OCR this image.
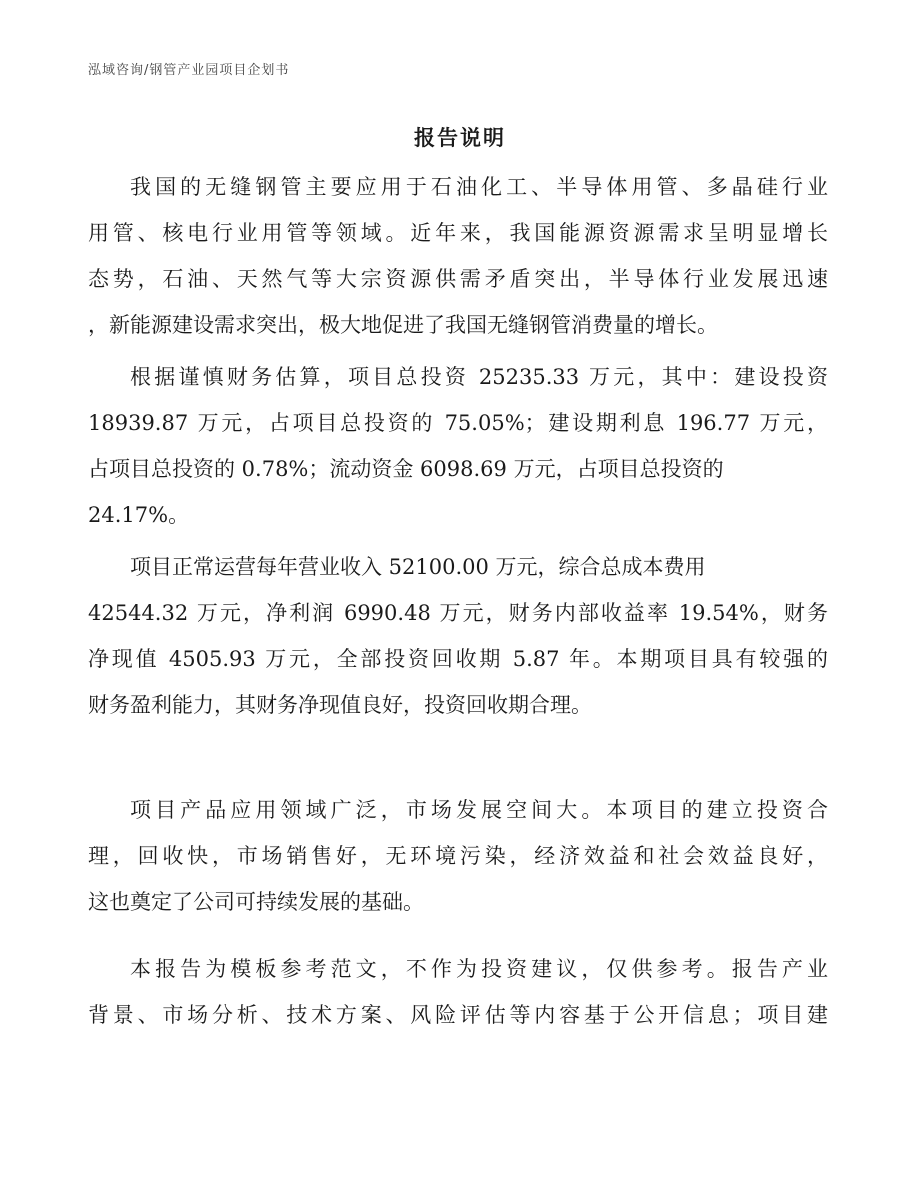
泓域咨询/钢管产业园项目企划书
报告说明
我国的无缝钢管主要应用于石油化工、半导体用管、多晶硅行业
用管、核电行业用管等领域。近年来，我国能源资源需求呈明显增长
态势，石油、天然气等大宗资源供需矛盾突出，半导体行业发展迅速
，新能源建设需求突出，极大地促进了我国无缝钢管消费量的增长。
根据谨慎财务估算，项目总投资 25235.33 万元，其中：建设投资
18939.87 万元，占项目总投资的 75.05%；建设期利息 196.77 万元，
占项目总投资的 0.78%；流动资金 6098.69 万元，占项目总投资的
24.17%。
项目正常运营每年营业收入 52100.00 万元，综合总成本费用
42544.32 万元，净利润 6990.48 万元，财务内部收益率 19.54%，财务
净现值 4505.93 万元，全部投资回收期 5.87 年。本期项目具有较强的
财务盈利能力，其财务净现值良好，投资回收期合理。
项目产品应用领域广泛，市场发展空间大。本项目的建立投资合
理，回收快，市场销售好，无环境污染，经济效益和社会效益良好，
这也奠定了公司可持续发展的基础。
本报告为模板参考范文，不作为投资建议，仅供参考。报告产业
背景、市场分析、技术方案、风险评估等内容基于公开信息；项目建
